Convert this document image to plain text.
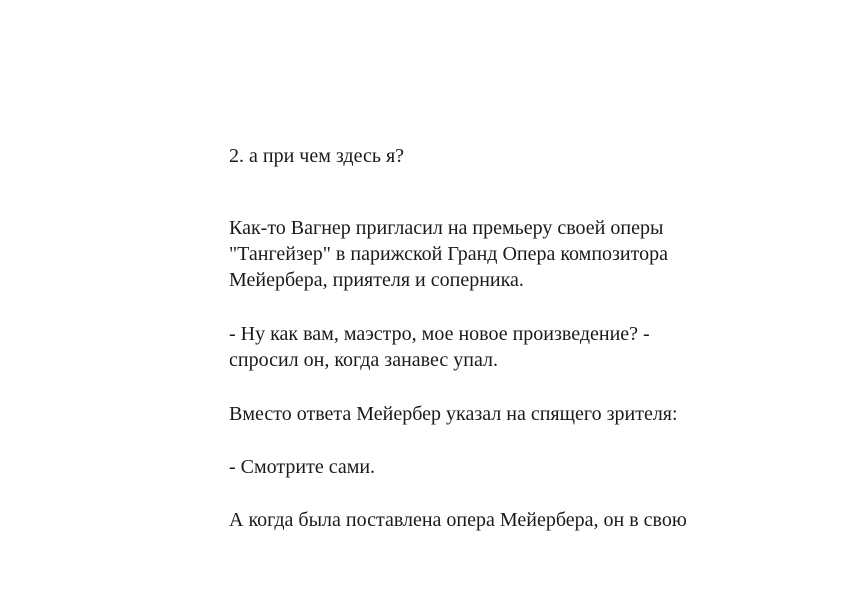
2. а при чем здесь я?
Как-то Вагнер пригласил на премьеру своей оперы
"Тангейзер" в парижской Гранд Опера композитора
Мейербера, приятеля и соперника.
- Ну как вам, маэстро, мое новое произведение? -
спросил он, когда занавес упал.
Вместо ответа Мейербер указал на спящего зрителя:
- Смотрите сами.
А когда была поставлена опера Мейербера, он в свою
